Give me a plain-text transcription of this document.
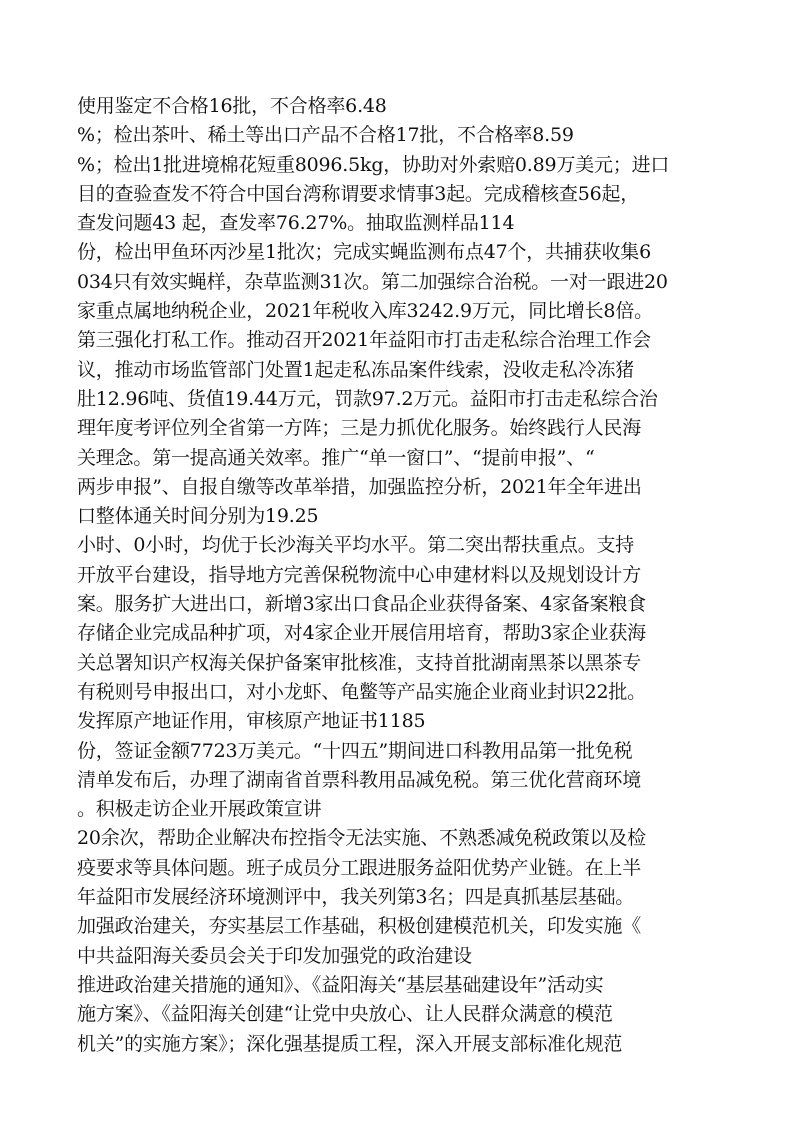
使用鉴定不合格16批，不合格率6.48
%；检出茶叶、稀土等出口产品不合格17批，不合格率8.59
%；检出1批进境棉花短重8096.5kg，协助对外索赔0.89万美元；进口
目的查验查发不符合中国台湾称谓要求情事3起。完成稽核查56起，
查发问题43 起，查发率76.27%。抽取监测样品114
份，检出甲鱼环丙沙星1批次；完成实蝇监测布点47个，共捕获收集6
034只有效实蝇样，杂草监测31次。第二加强综合治税。一对一跟进20
家重点属地纳税企业，2021年税收入库3242.9万元，同比增长8倍。
第三强化打私工作。推动召开2021年益阳市打击走私综合治理工作会
议，推动市场监管部门处置1起走私冻品案件线索，没收走私冷冻猪
肚12.96吨、货值19.44万元，罚款97.2万元。益阳市打击走私综合治
理年度考评位列全省第一方阵；三是力抓优化服务。始终践行人民海
关理念。第一提高通关效率。推广“单一窗口”、“提前申报”、“
两步申报”、自报自缴等改革举措，加强监控分析，2021年全年进出
口整体通关时间分别为19.25
小时、0小时，均优于长沙海关平均水平。第二突出帮扶重点。支持
开放平台建设，指导地方完善保税物流中心申建材料以及规划设计方
案。服务扩大进出口，新增3家出口食品企业获得备案、4家备案粮食
存储企业完成品种扩项，对4家企业开展信用培育，帮助3家企业获海
关总署知识产权海关保护备案审批核准，支持首批湖南黑茶以黑茶专
有税则号申报出口，对小龙虾、龟鳖等产品实施企业商业封识22批。
发挥原产地证作用，审核原产地证书1185
份，签证金额7723万美元。“十四五”期间进口科教用品第一批免税
清单发布后，办理了湖南省首票科教用品减免税。第三优化营商环境
。积极走访企业开展政策宣讲
20余次，帮助企业解决布控指令无法实施、不熟悉减免税政策以及检
疫要求等具体问题。班子成员分工跟进服务益阳优势产业链。在上半
年益阳市发展经济环境测评中，我关列第3名；四是真抓基层基础。
加强政治建关，夯实基层工作基础，积极创建模范机关，印发实施《
中共益阳海关委员会关于印发加强党的政治建设
推进政治建关措施的通知》、《益阳海关“基层基础建设年”活动实
施方案》、《益阳海关创建“让党中央放心、让人民群众满意的模范
机关”的实施方案》；深化强基提质工程，深入开展支部标准化规范
